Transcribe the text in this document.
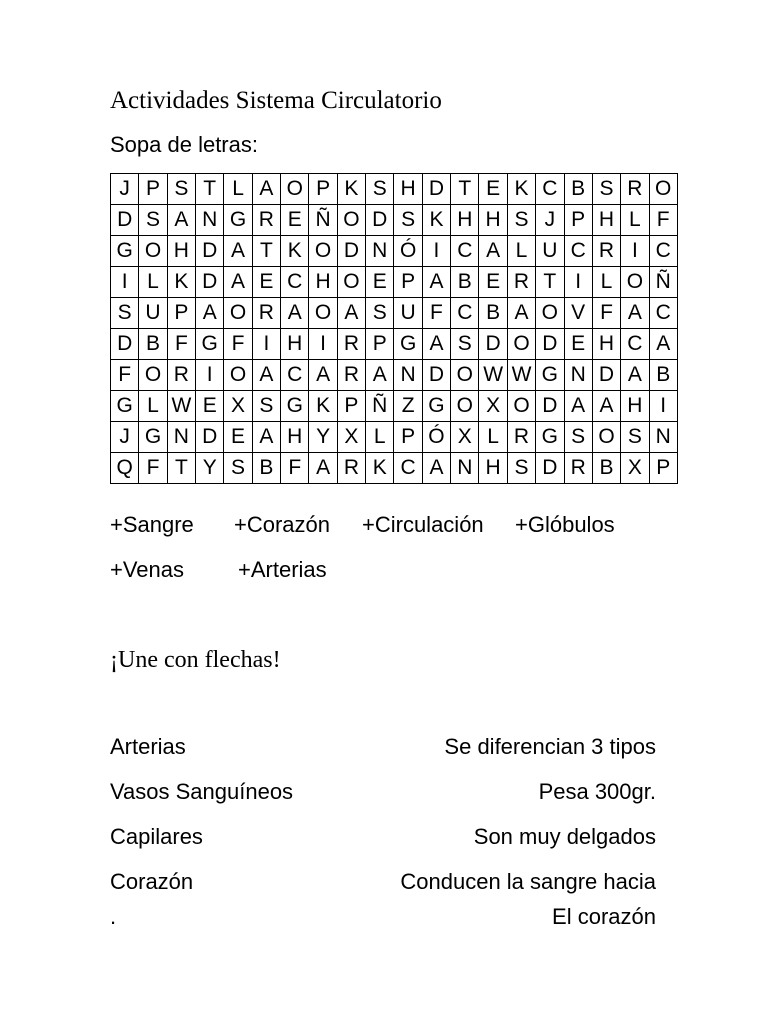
Actividades Sistema Circulatorio
Sopa de letras:
J	P	S	T	L	A	O	P	K	S	H	D	T	E	K	C	B	S	R	O
D	S	A	N	G	R	E	Ñ	O	D	S	K	H	H	S	J	P	H	L	F
G	O	H	D	A	T	K	O	D	N	Ó	I	C	A	L	U	C	R	I	C
I	L	K	D	A	E	C	H	O	E	P	A	B	E	R	T	I	L	O	Ñ
S	U	P	A	O	R	A	O	A	S	U	F	C	B	A	O	V	F	A	C
D	B	F	G	F	I	H	I	R	P	G	A	S	D	O	D	E	H	C	A
F	O	R	I	O	A	C	A	R	A	N	D	O	W	W	G	N	D	A	B
G	L	W	E	X	S	G	K	P	Ñ	Z	G	O	X	O	D	A	A	H	I
J	G	N	D	E	A	H	Y	X	L	P	Ó	X	L	R	G	S	O	S	N
Q	F	T	Y	S	B	F	A	R	K	C	A	N	H	S	D	R	B	X	P
+Sangre +Corazón +Circulación +Glóbulos
+Venas +Arterias
¡Une con flechas!
Arterias	Se diferencian 3 tipos
Vasos Sanguíneos	Pesa 300gr.
Capilares	Son muy delgados
Corazón	Conducen la sangre hacia
.	El corazón
